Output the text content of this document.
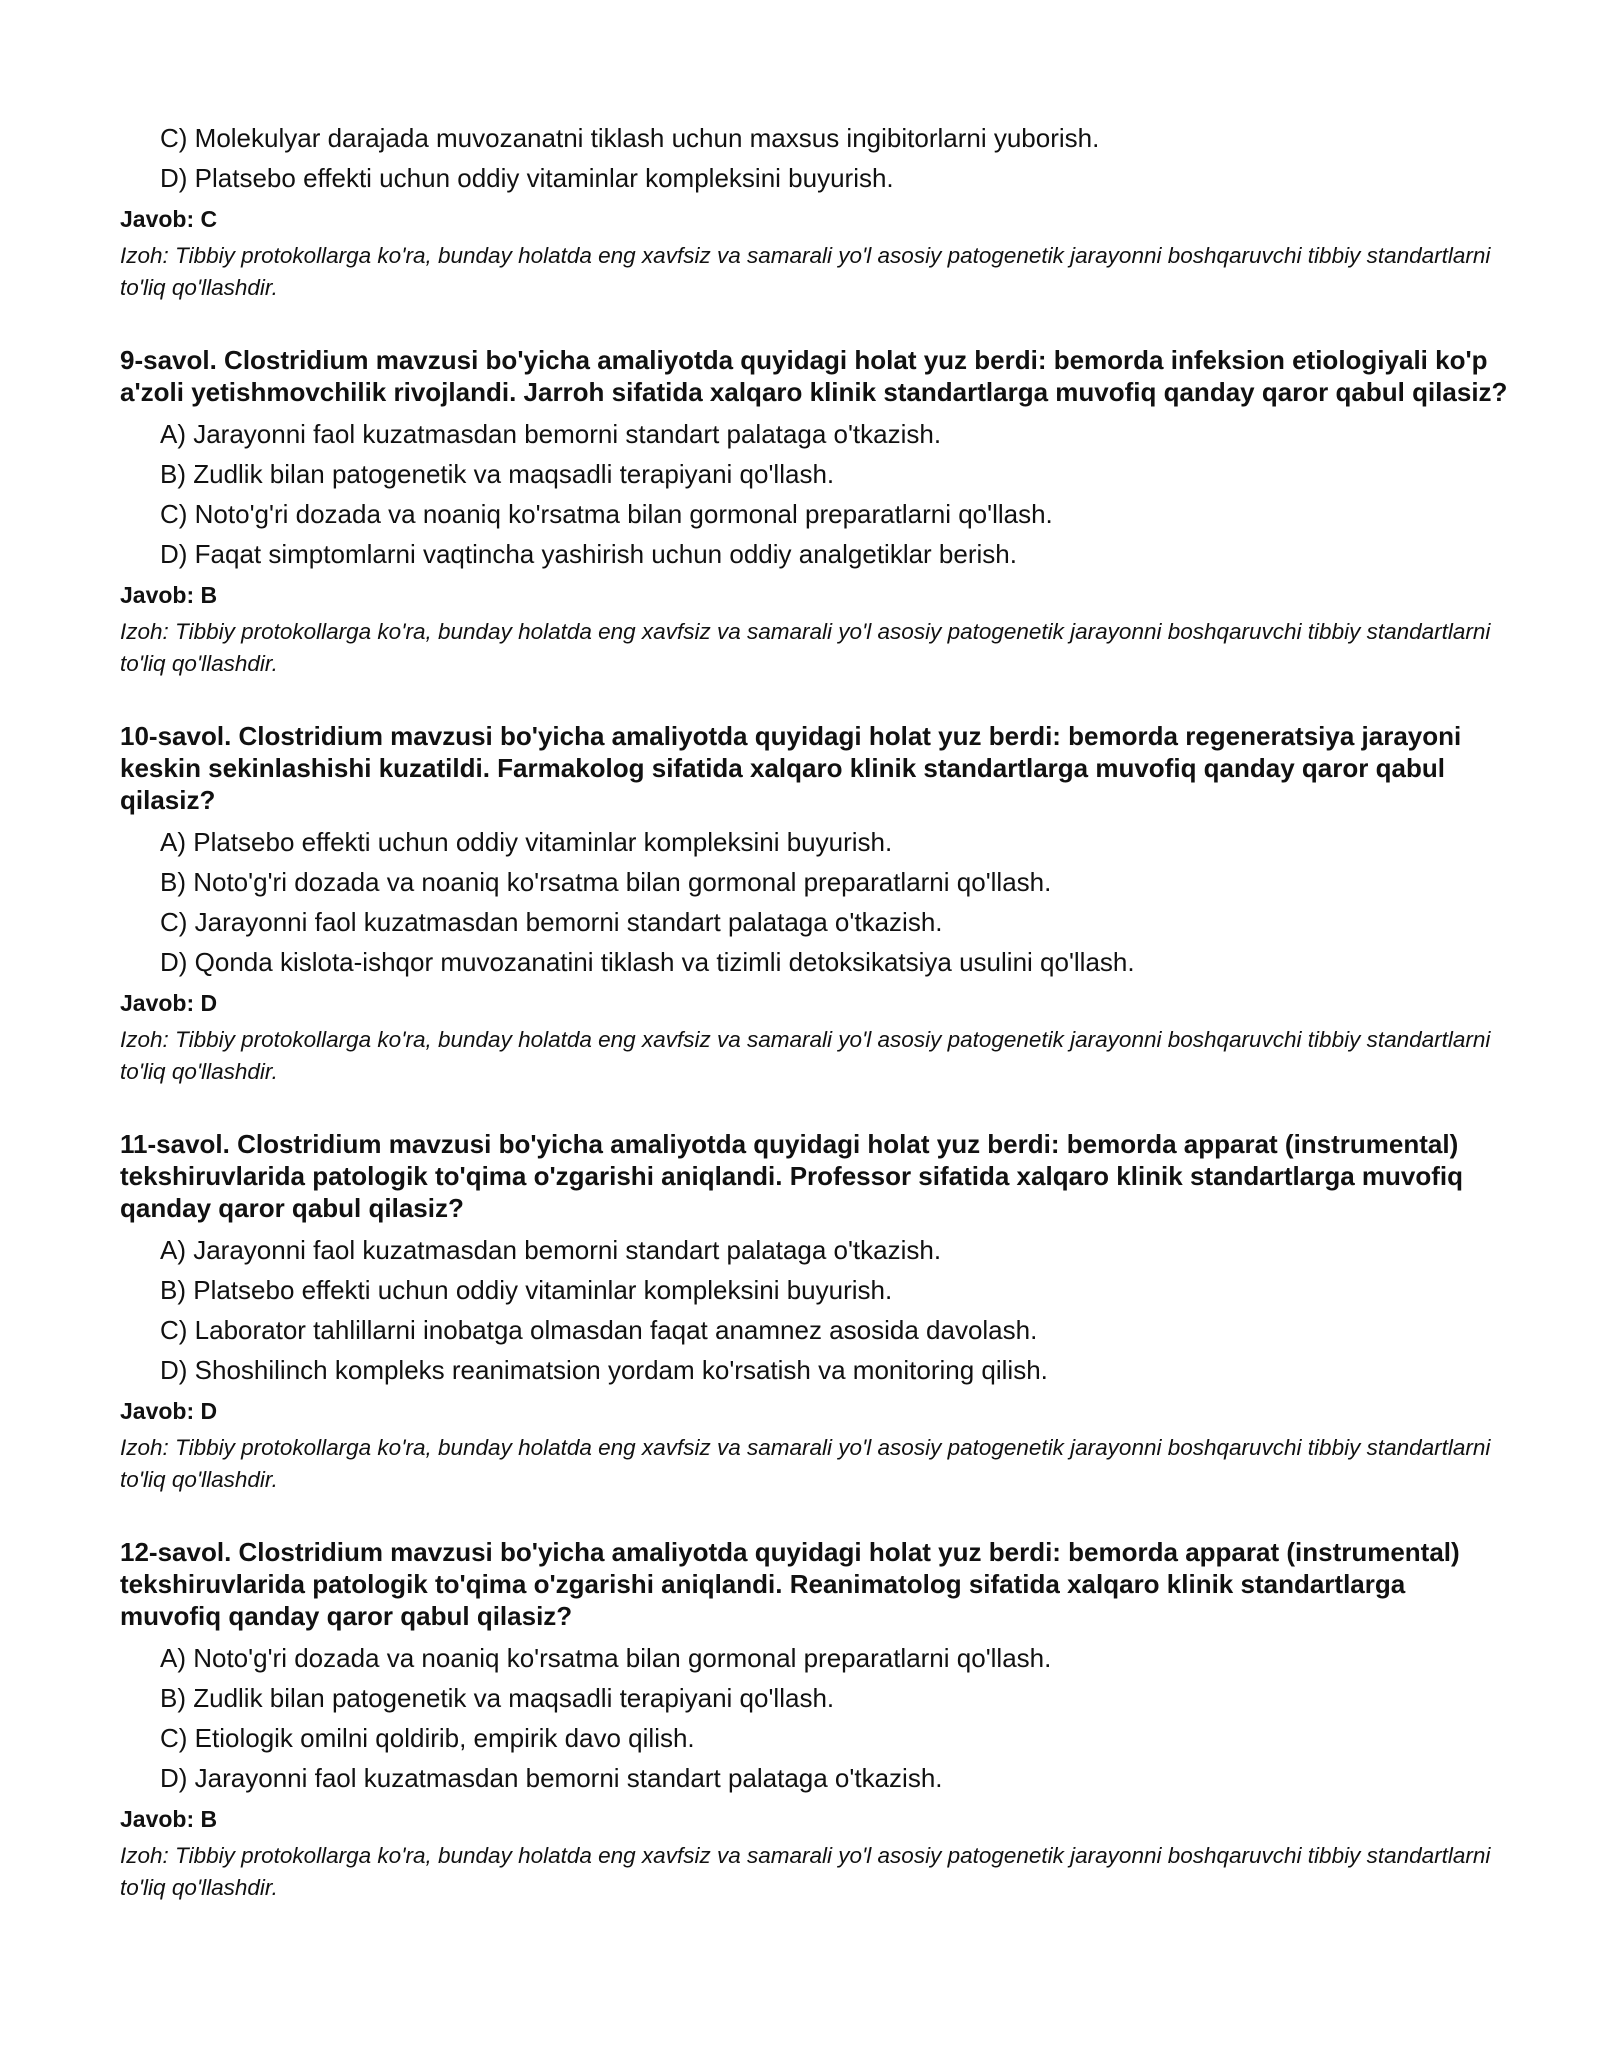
C) Molekulyar darajada muvozanatni tiklash uchun maxsus ingibitorlarni yuborish.
D) Platsebo effekti uchun oddiy vitaminlar kompleksini buyurish.
Javob: C
Izoh: Tibbiy protokollarga ko'ra, bunday holatda eng xavfsiz va samarali yo'l asosiy patogenetik jarayonni boshqaruvchi tibbiy standartlarni to'liq qo'llashdir.
9-savol. Clostridium mavzusi bo'yicha amaliyotda quyidagi holat yuz berdi: bemorda infeksion etiologiyali ko'p a'zoli yetishmovchilik rivojlandi. Jarroh sifatida xalqaro klinik standartlarga muvofiq qanday qaror qabul qilasiz?
A) Jarayonni faol kuzatmasdan bemorni standart palataga o'tkazish.
B) Zudlik bilan patogenetik va maqsadli terapiyani qo'llash.
C) Noto'g'ri dozada va noaniq ko'rsatma bilan gormonal preparatlarni qo'llash.
D) Faqat simptomlarni vaqtincha yashirish uchun oddiy analgetiklar berish.
Javob: B
Izoh: Tibbiy protokollarga ko'ra, bunday holatda eng xavfsiz va samarali yo'l asosiy patogenetik jarayonni boshqaruvchi tibbiy standartlarni to'liq qo'llashdir.
10-savol. Clostridium mavzusi bo'yicha amaliyotda quyidagi holat yuz berdi: bemorda regeneratsiya jarayoni keskin sekinlashishi kuzatildi. Farmakolog sifatida xalqaro klinik standartlarga muvofiq qanday qaror qabul qilasiz?
A) Platsebo effekti uchun oddiy vitaminlar kompleksini buyurish.
B) Noto'g'ri dozada va noaniq ko'rsatma bilan gormonal preparatlarni qo'llash.
C) Jarayonni faol kuzatmasdan bemorni standart palataga o'tkazish.
D) Qonda kislota-ishqor muvozanatini tiklash va tizimli detoksikatsiya usulini qo'llash.
Javob: D
Izoh: Tibbiy protokollarga ko'ra, bunday holatda eng xavfsiz va samarali yo'l asosiy patogenetik jarayonni boshqaruvchi tibbiy standartlarni to'liq qo'llashdir.
11-savol. Clostridium mavzusi bo'yicha amaliyotda quyidagi holat yuz berdi: bemorda apparat (instrumental) tekshiruvlarida patologik to'qima o'zgarishi aniqlandi. Professor sifatida xalqaro klinik standartlarga muvofiq qanday qaror qabul qilasiz?
A) Jarayonni faol kuzatmasdan bemorni standart palataga o'tkazish.
B) Platsebo effekti uchun oddiy vitaminlar kompleksini buyurish.
C) Laborator tahlillarni inobatga olmasdan faqat anamnez asosida davolash.
D) Shoshilinch kompleks reanimatsion yordam ko'rsatish va monitoring qilish.
Javob: D
Izoh: Tibbiy protokollarga ko'ra, bunday holatda eng xavfsiz va samarali yo'l asosiy patogenetik jarayonni boshqaruvchi tibbiy standartlarni to'liq qo'llashdir.
12-savol. Clostridium mavzusi bo'yicha amaliyotda quyidagi holat yuz berdi: bemorda apparat (instrumental) tekshiruvlarida patologik to'qima o'zgarishi aniqlandi. Reanimatolog sifatida xalqaro klinik standartlarga muvofiq qanday qaror qabul qilasiz?
A) Noto'g'ri dozada va noaniq ko'rsatma bilan gormonal preparatlarni qo'llash.
B) Zudlik bilan patogenetik va maqsadli terapiyani qo'llash.
C) Etiologik omilni qoldirib, empirik davo qilish.
D) Jarayonni faol kuzatmasdan bemorni standart palataga o'tkazish.
Javob: B
Izoh: Tibbiy protokollarga ko'ra, bunday holatda eng xavfsiz va samarali yo'l asosiy patogenetik jarayonni boshqaruvchi tibbiy standartlarni to'liq qo'llashdir.
